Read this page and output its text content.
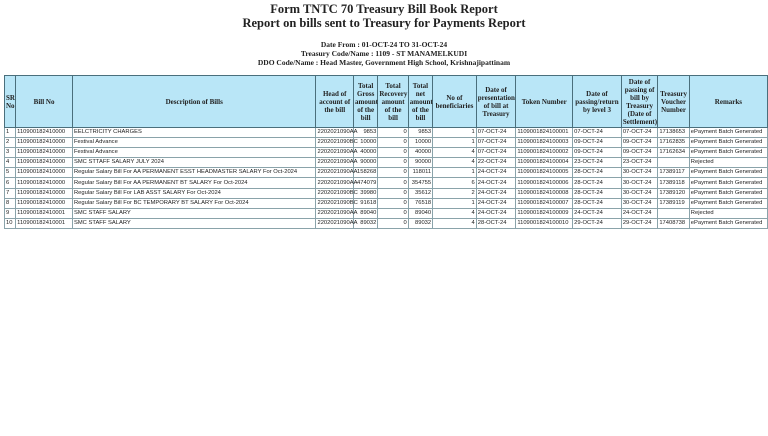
Form TNTC 70 Treasury Bill Book Report
Report on bills sent to Treasury for Payments Report
Date From : 01-OCT-24 TO 31-OCT-24
Treasury Code/Name : 1109 - ST MANAMELKUDI
DDO Code/Name : Head Master, Government High School, Krishnajipattinam
SR No	Bill No	Description of Bills	Head of account of the bill	Total Gross amount of the bill	Total Recovery amount of the bill	Total net amount of the bill	No of beneficiaries	Date of presentation of bill at Treasury	Token Number	Date of passing/return by level 3	Date of passing of bill by Treasury (Date of Settlement)	Treasury Voucher Number	Remarks
1	110900182410000	EELCTRICITY CHARGES	2202021090AA	9853	0	9853	1	07-OCT-24	1109001824100001	07-OCT-24	07-OCT-24	17138653	ePayment Batch Generated
2	110900182410000	Festival Advance	2202021090BC	10000	0	10000	1	07-OCT-24	1109001824100003	09-OCT-24	09-OCT-24	17162835	ePayment Batch Generated
3	110900182410000	Festival Advance	2202021090AA	40000	0	40000	4	07-OCT-24	1109001824100002	09-OCT-24	09-OCT-24	17162634	ePayment Batch Generated
4	110900182410000	SMC STTAFF SALARY JULY 2024	2202021090AA	90000	0	90000	4	22-OCT-24	1109001824100004	23-OCT-24	23-OCT-24		Rejected
5	110900182410000	Regular Salary Bill For AA PERMANENT ESST HEADMASTER SALARY For Oct-2024	2202021090AA	158268	0	118011	1	24-OCT-24	1109001824100005	28-OCT-24	30-OCT-24	17389117	ePayment Batch Generated
6	110900182410000	Regular Salary Bill For AA PERMANENT BT SALARY For Oct-2024	2202021090AA	474079	0	354755	6	24-OCT-24	1109001824100006	28-OCT-24	30-OCT-24	17389118	ePayment Batch Generated
7	110900182410000	Regular Salary Bill For LAB ASST SALARY For Oct-2024	2202021090BC	39980	0	35612	2	24-OCT-24	1109001824100008	28-OCT-24	30-OCT-24	17389120	ePayment Batch Generated
8	110900182410000	Regular Salary Bill For BC TEMPORARY BT SALARY For Oct-2024	2202021090BC	91618	0	76518	1	24-OCT-24	1109001824100007	28-OCT-24	30-OCT-24	17389119	ePayment Batch Generated
9	110900182410001	SMC STAFF SALARY	2202021090AA	89040	0	89040	4	24-OCT-24	1109001824100009	24-OCT-24	24-OCT-24		Rejected
10	110900182410001	SMC STAFF SALARY	2202021090AA	89032	0	89032	4	28-OCT-24	1109001824100010	29-OCT-24	29-OCT-24	17408738	ePayment Batch Generated
